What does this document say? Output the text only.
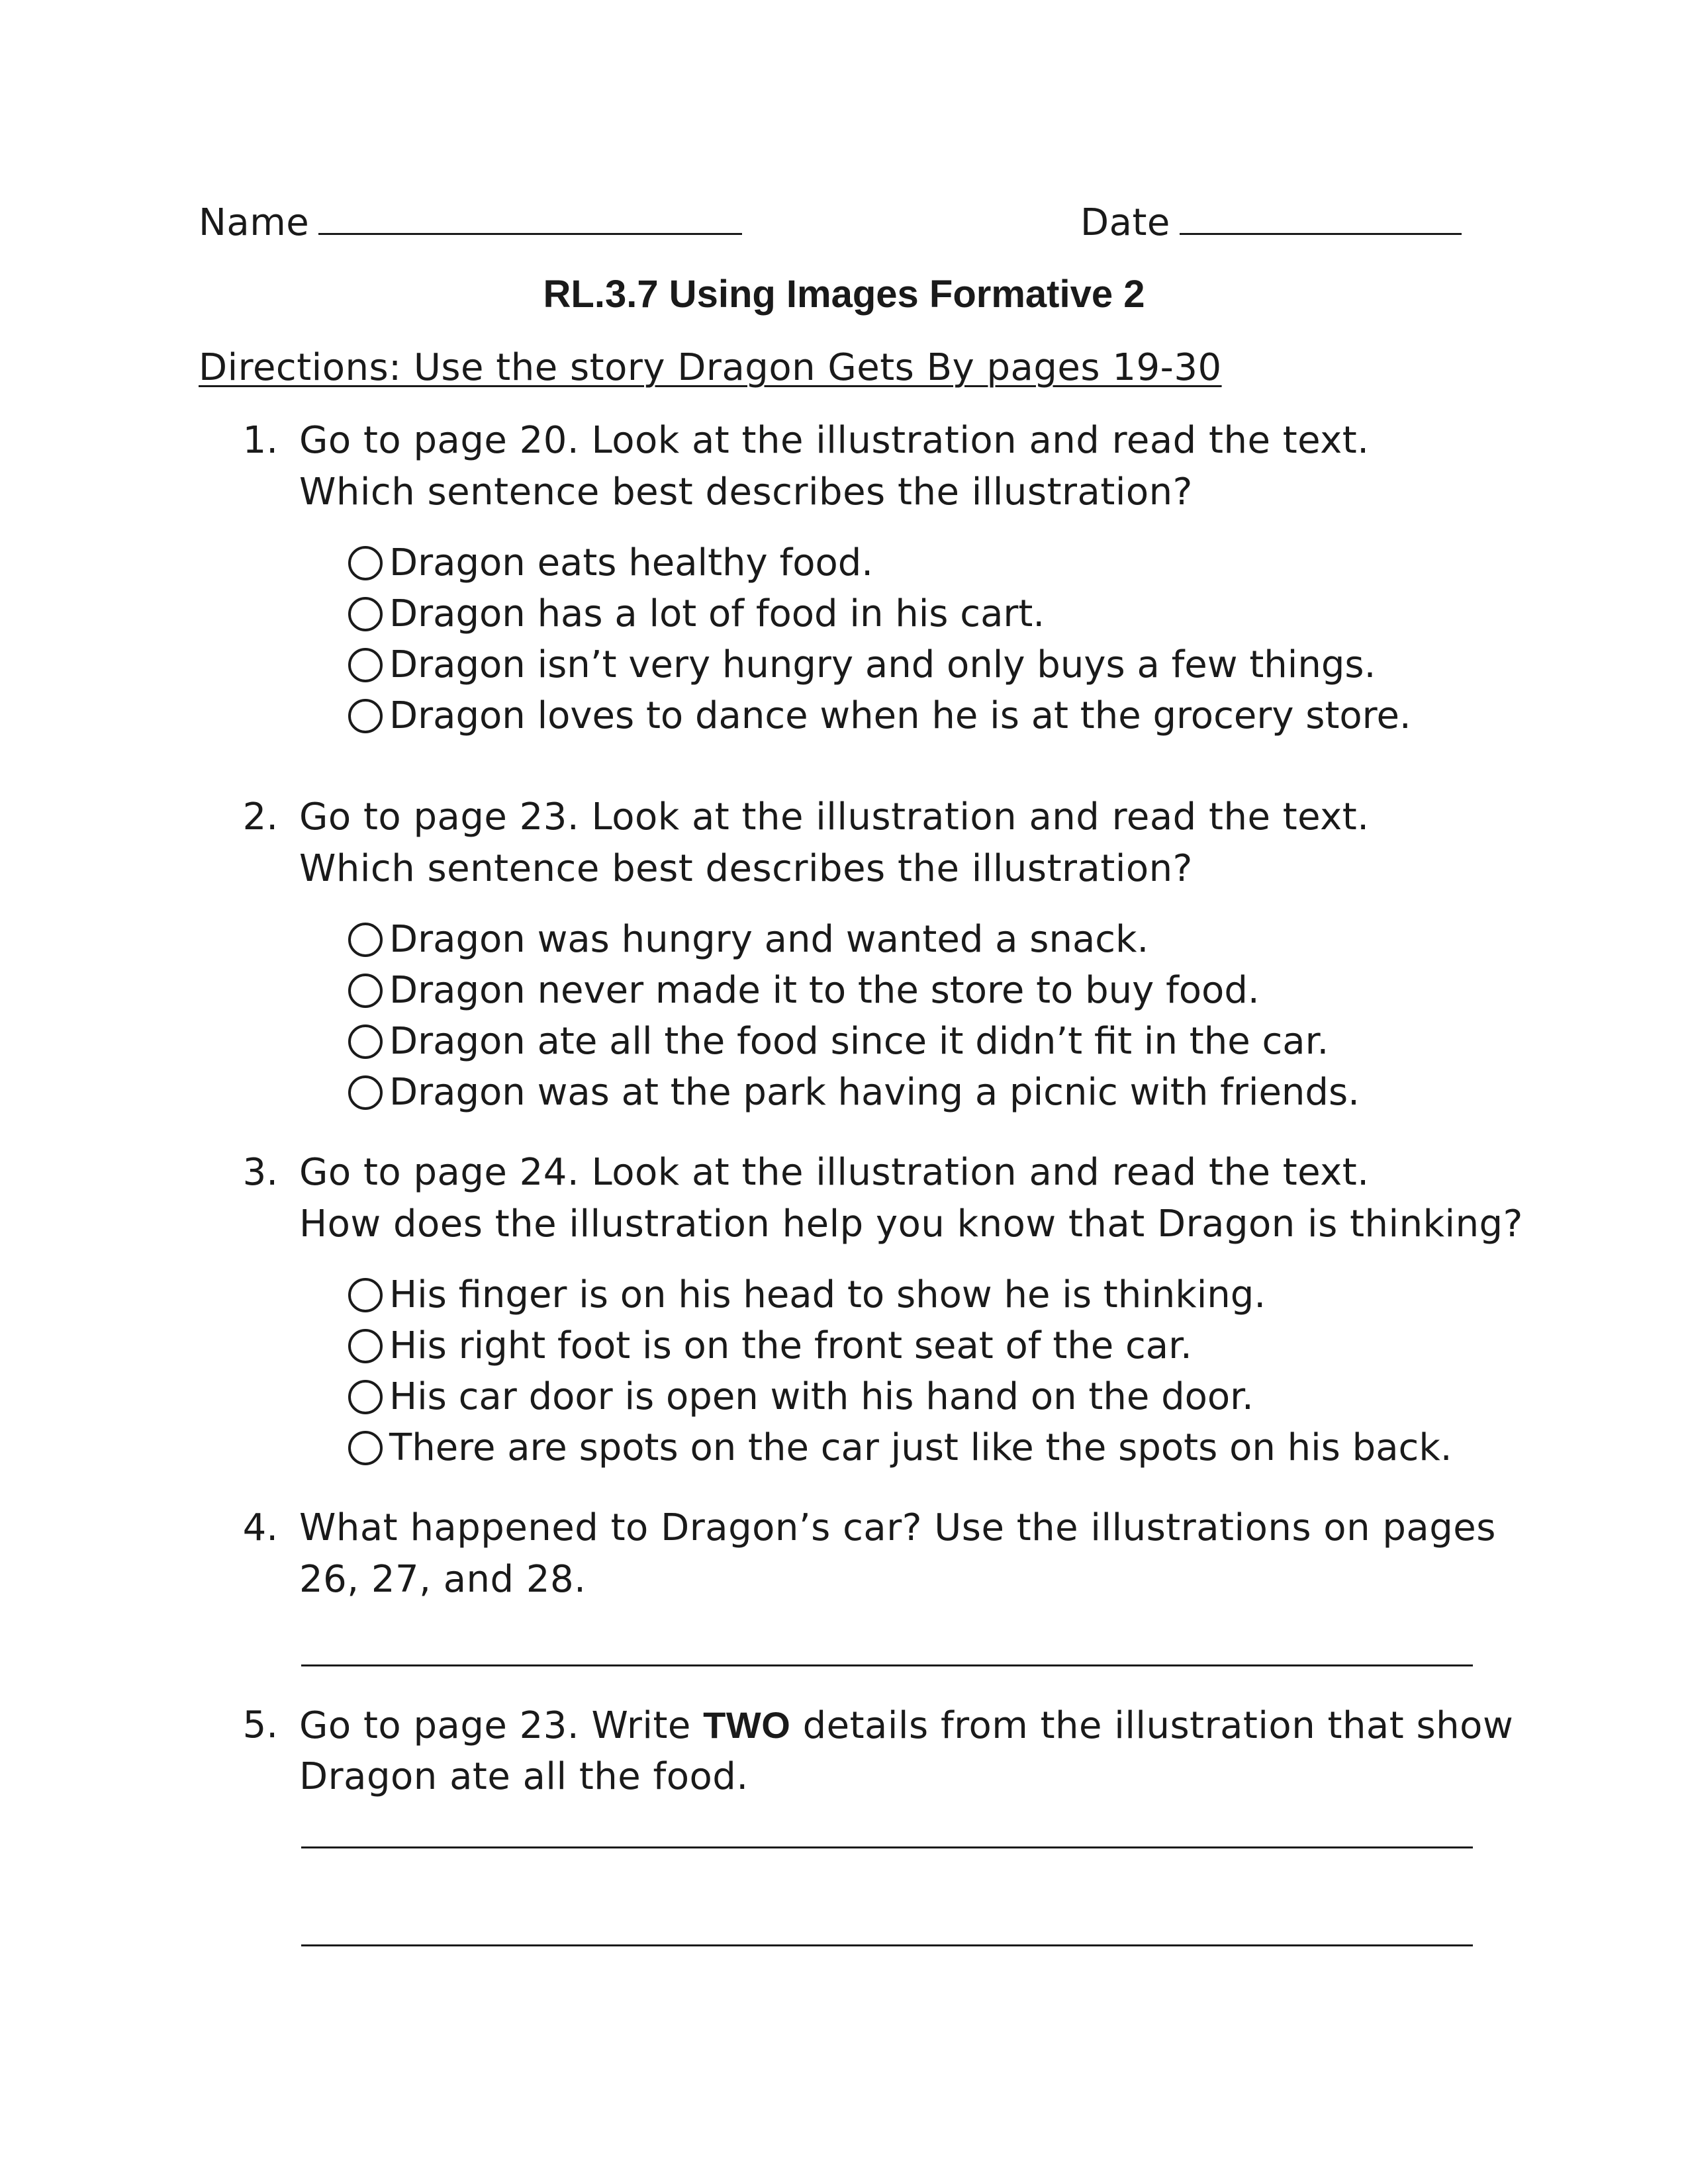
Name	Date
RL.3.7 Using Images Formative 2
Directions: Use the story Dragon Gets By pages 19-30
1. Go to page 20. Look at the illustration and read the text.
Which sentence best describes the illustration?
Dragon eats healthy food.
Dragon has a lot of food in his cart.
Dragon isn’t very hungry and only buys a few things.
Dragon loves to dance when he is at the grocery store.
2. Go to page 23. Look at the illustration and read the text.
Which sentence best describes the illustration?
Dragon was hungry and wanted a snack.
Dragon never made it to the store to buy food.
Dragon ate all the food since it didn’t fit in the car.
Dragon was at the park having a picnic with friends.
3. Go to page 24. Look at the illustration and read the text.
How does the illustration help you know that Dragon is thinking?
His finger is on his head to show he is thinking.
His right foot is on the front seat of the car.
His car door is open with his hand on the door.
There are spots on the car just like the spots on his back.
4. What happened to Dragon’s car? Use the illustrations on pages
26, 27, and 28.
5. Go to page 23. Write TWO details from the illustration that show
Dragon ate all the food.
